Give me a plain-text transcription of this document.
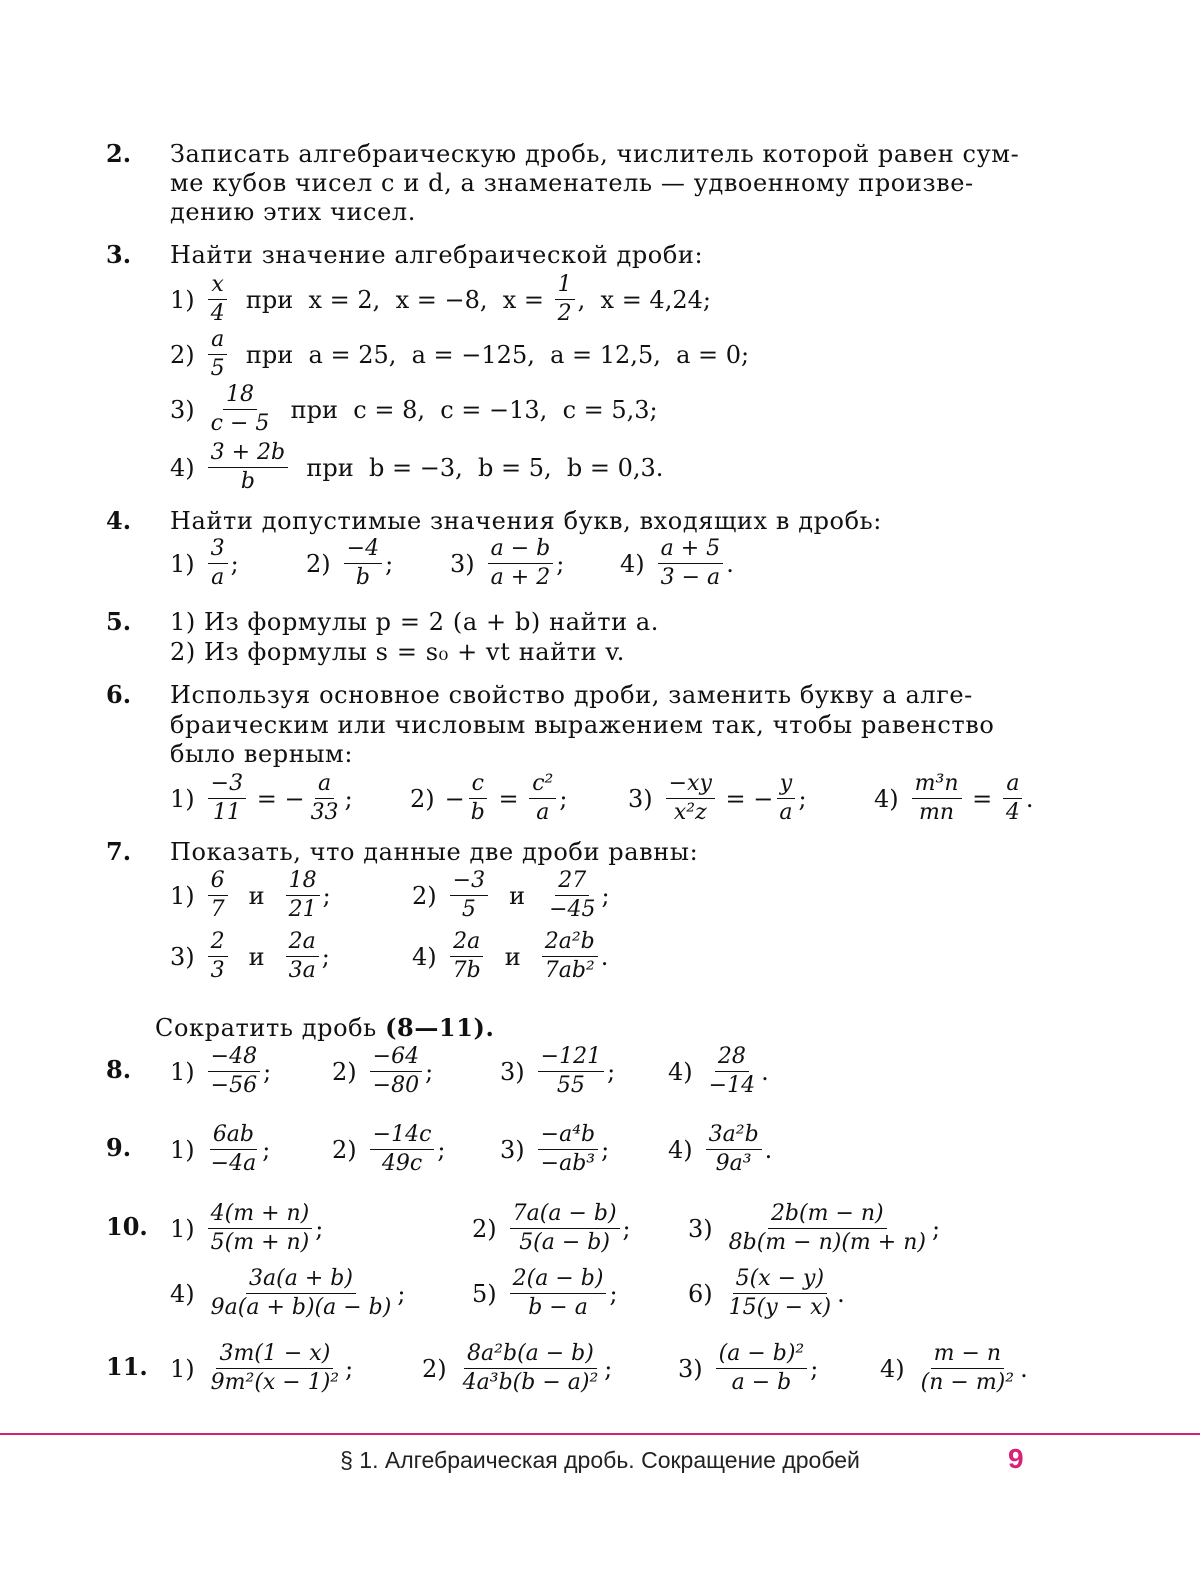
2. Записать алгебраическую дробь, числитель которой равен сум-
ме кубов чисел c и d, а знаменатель — удвоенному произве-
дению этих чисел.
3. Найти значение алгебраической дроби:
$1) \frac{x}{4}$ при  x = 2,  x = −8,  $x = \frac{1}{2}$ ,  x = 4,24;
$2) \frac{a}{5}$ при  a = 25,  a = −125,  a = 12,5,  a = 0;
$3) \frac{18}{c - 5}$ при  c = 8,  c = −13,  c = 5,3;
$4) \frac{3 + 2b}{b}$ при  b = −3,  b = 5,  b = 0,3.
4. Найти допустимые значения букв, входящих в дробь:
$1) \frac{3}{a}$ ;	$2) \frac{-4}{b}$ ; $3) \frac{a - b}{a + 2}$ ; $4) \frac{a + 5}{3 - a}$ .
5. 1) Из формулы p = 2 (a + b) найти a.
2) Из формулы s = s₀ + vt найти v.
6. Используя основное свойство дроби, заменить букву a алге-
браическим или числовым выражением так, чтобы равенство
было верным:
$1) \frac{-3}{11}$ = − $\frac{a}{33}$ ; $2) - \frac{c}{b} = \frac{\text{c²}}{a}$ ;	$3) \frac{-xy}{\text{x²z}}$ = − $\frac{y}{a}$ ;	$4) \frac{\text{m³n}}{mn} = \frac{a}{4}$ .
7. Показать, что данные две дроби равны:
$1) \frac{6}{7}$ и $\frac{18}{21}$ ;	$2) \frac{-3}{5}$ и $\frac{27}{-45}$ ;
$3) \frac{2}{3}$ и $\frac{2a}{3a}$ ;	$4) \frac{2a}{7b}$ и $\frac{\text{2a²b}}{\text{7ab²}}$ .
Сократить дробь (8—11).
8. $1) \frac{-48}{-56}$ ;	$2) \frac{-64}{-80}$ ;	$3) \frac{-121}{55}$ ; $4) \frac{28}{-14}$ .
9. $1) \frac{6ab}{-4a}$ ;	$2) \frac{-14c}{49c}$ ; $3) \frac{\text{−a⁴b}}{\text{−ab³}}$ ; $4) \frac{\text{3a²b}}{\text{9a³}}$ .
10. $1) \frac{4(m + n)}{5(m + n)}$ ;	$2) \frac{7a(a - b)}{5(a - b)}$ ; $3) \frac{2b(m - n)}{8b(m - n)(m + n)}$ ;
$4) \frac{3a(a + b)}{9a(a + b)(a - b)}$ ;	$5) \frac{2(a - b)}{b - a}$ ;	$6) \frac{5(x - y)}{15(y - x)}$ .
11. $1) \frac{3m(1 - x)}{\text{9m²(x − 1)²}}$ ;	$2) \frac{\text{8a²b(a − b)}}{\text{4a³b(b − a)²}}$ ;	$3) \frac{\text{(a − b)²}}{a - b}$ ;	$4) \frac{m - n}{\text{(n − m)²}}$ .
§ 1. Алгебраическая дробь. Сокращение дробей	9
